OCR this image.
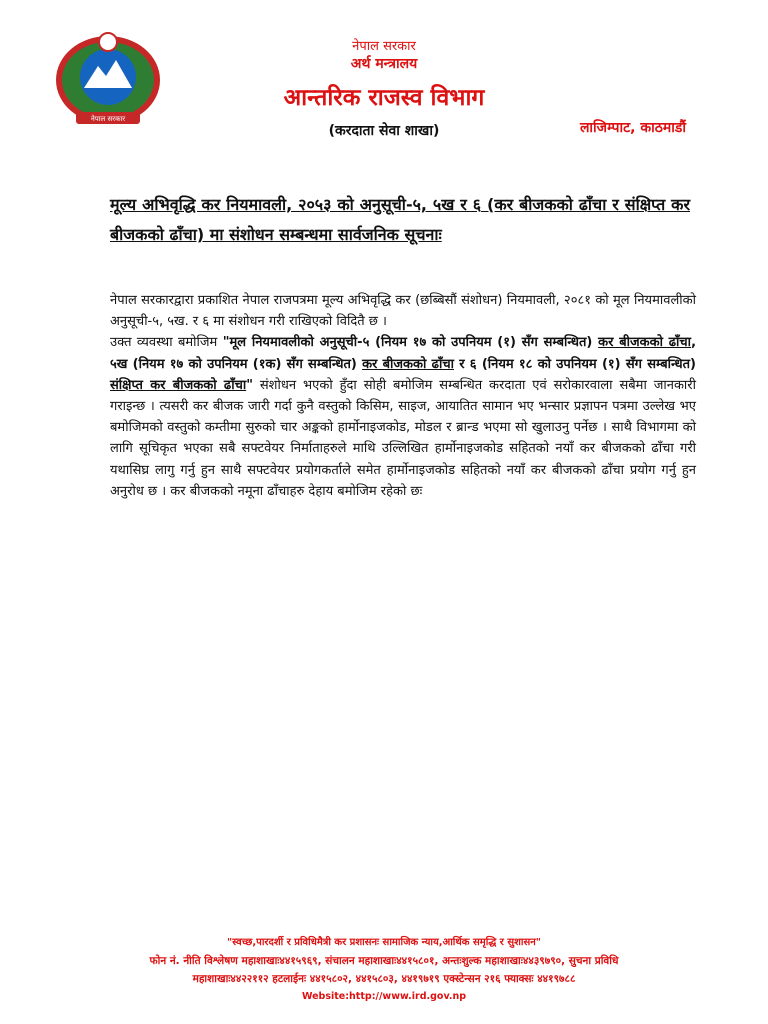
नेपाल सरकार
नेपाल सरकार
अर्थ मन्त्रालय
आन्तरिक राजस्व विभाग
(करदाता सेवा शाखा)	लाजिम्पाट, काठमाडौं
मूल्य अभिवृद्धि कर नियमावली, २०५३ को अनुसूची-५, ५ख र ६ (कर बीजकको ढाँचा र संक्षिप्त कर बीजकको ढाँचा) मा संशोधन सम्बन्धमा सार्वजनिक सूचनाः

नेपाल सरकारद्वारा प्रकाशित नेपाल राजपत्रमा मूल्य अभिवृद्धि कर (छब्बिसौं संशोधन) नियमावली, २०८१ को मूल नियमावलीको अनुसूची-५, ५ख. र ६ मा संशोधन गरी राखिएको विदितै छ ।

उक्त व्यवस्था बमोजिम "मूल नियमावलीको अनुसूची-५ (नियम १७ को उपनियम (१) सँग सम्बन्धित) कर बीजकको ढाँचा, ५ख (नियम १७ को उपनियम (१क) सँग सम्बन्धित) कर बीजकको ढाँचा र ६ (नियम १८ को उपनियम (१) सँग सम्बन्धित) संक्षिप्त कर बीजकको ढाँचा" संशोधन भएको हुँदा सोही बमोजिम सम्बन्धित करदाता एवं सरोकारवाला सबैमा जानकारी गराइन्छ । त्यसरी कर बीजक जारी गर्दा कुनै वस्तुको किसिम, साइज, आयातित सामान भए भन्सार प्रज्ञापन पत्रमा उल्लेख भए बमोजिमको वस्तुको कम्तीमा सुरुको चार अङ्कको हार्मोनाइजकोड, मोडल र ब्रान्ड भएमा सो खुलाउनु पर्नेछ । साथै विभागमा को लागि सूचिकृत भएका सबै सफ्टवेयर निर्माताहरुले माथि उल्लिखित हार्मोनाइजकोड सहितको नयाँ कर बीजकको ढाँचा गरी यथासिघ्र लागु गर्नु हुन साथै सफ्टवेयर प्रयोगकर्ताले समेत हार्मोनाइजकोड सहितको नयाँ कर बीजकको ढाँचा प्रयोग गर्नु हुन अनुरोध छ । कर बीजकको नमूना ढाँचाहरु देहाय बमोजिम रहेको छः

"स्वच्छ,पारदर्शी र प्रविधिमैत्री कर प्रशासनः सामाजिक न्याय,आर्थिक समृद्धि र सुशासन"
फोन नं. नीति विश्लेषण महाशाखाः४४१५९६९, संचालन महाशाखाः४४१५८०१, अन्तःशुल्क महाशाखाः४४३९७९०, सुचना प्रविधि
महाशाखाः४४२२११२ हटलाईनः ४४१५८०२, ४४१५८०३, ४४१९७१९ एक्स्टेन्सन २१६ फ्याक्सः ४४१९७८८
Website:http://www.ird.gov.np
